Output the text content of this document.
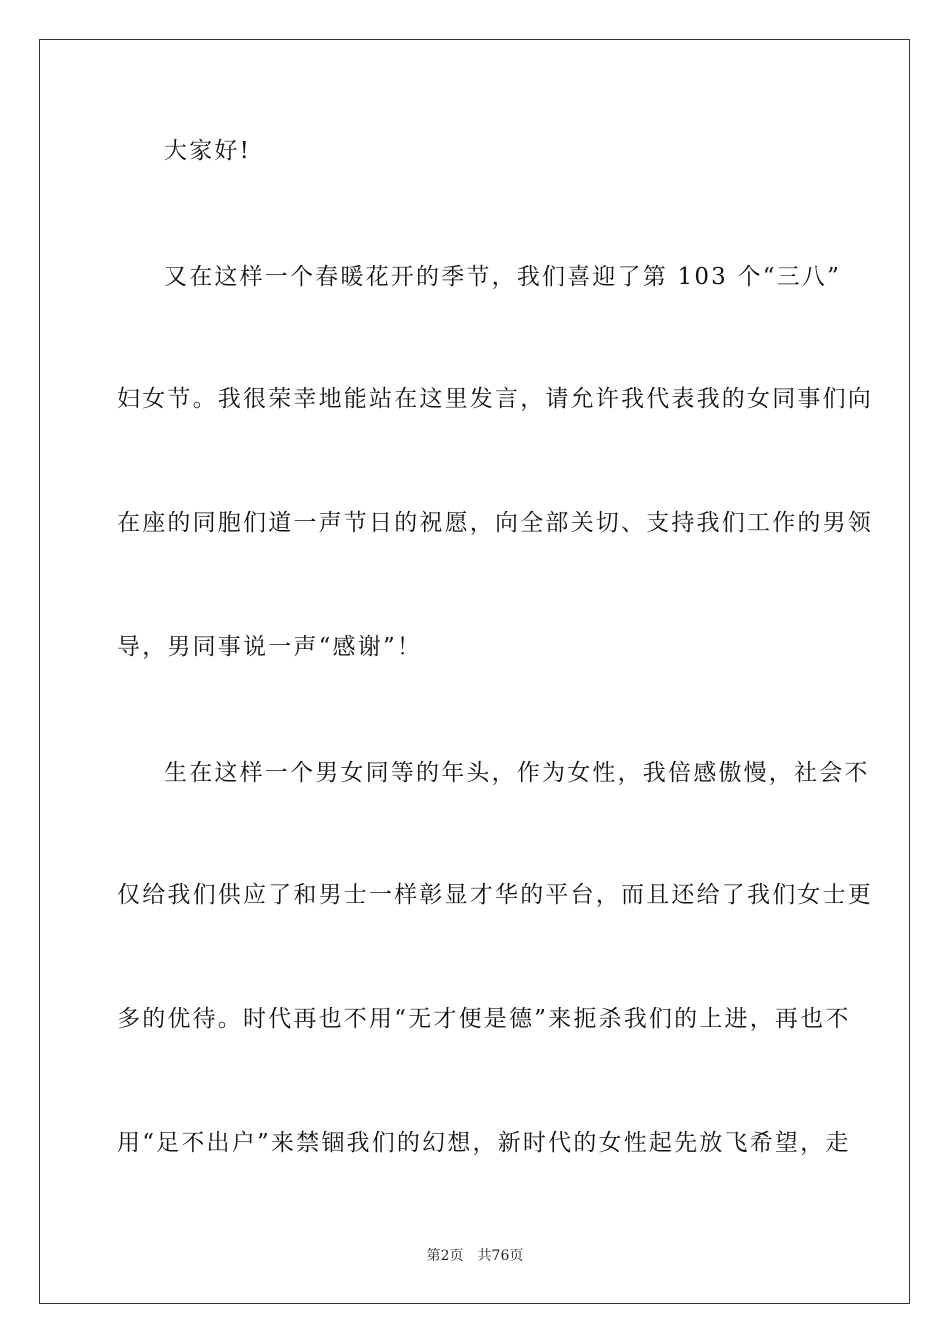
大家好!
又在这样一个春暖花开的季节，我们喜迎了第 103 个“三八”
妇女节。我很荣幸地能站在这里发言，请允许我代表我的女同事们向
在座的同胞们道一声节日的祝愿，向全部关切、支持我们工作的男领
导，男同事说一声“感谢”！
生在这样一个男女同等的年头，作为女性，我倍感傲慢，社会不
仅给我们供应了和男士一样彰显才华的平台，而且还给了我们女士更
多的优待。时代再也不用“无才便是德”来扼杀我们的上进，再也不
用“足不出户”来禁锢我们的幻想，新时代的女性起先放飞希望，走
第2页 共76页
